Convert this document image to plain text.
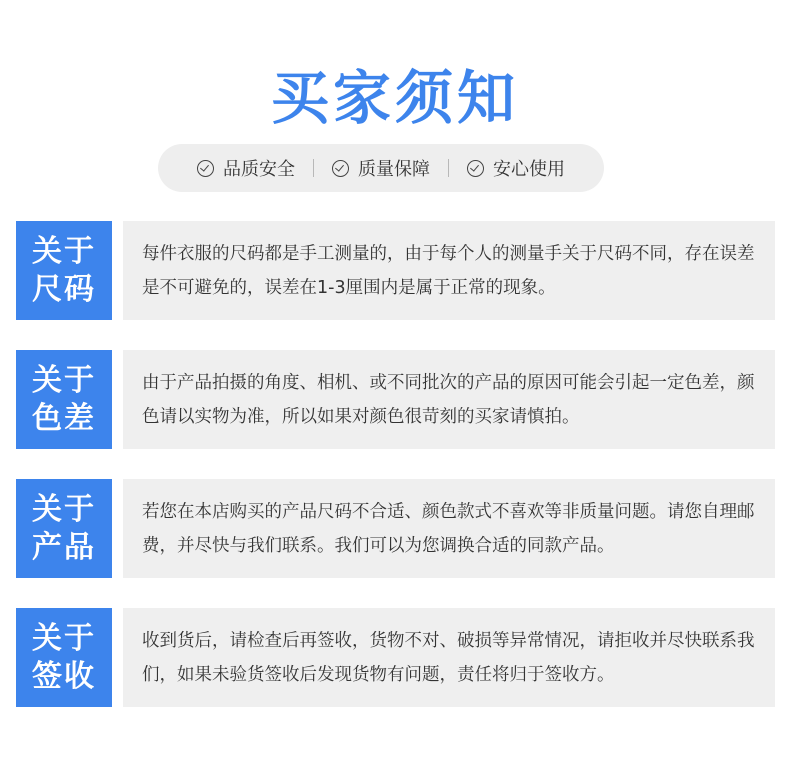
买家须知
品质安全	质量保障	安心使用
关于
尺码
每件衣服的尺码都是手工测量的，由于每个人的测量手关于尺码不同，存在误差是不可避免的，误差在1-3厘围内是属于正常的现象。
关于
色差
由于产品拍摄的角度、相机、或不同批次的产品的原因可能会引起一定色差，颜色请以实物为准，所以如果对颜色很苛刻的买家请慎拍。
关于
产品
若您在本店购买的产品尺码不合适、颜色款式不喜欢等非质量问题。请您自理邮费，并尽快与我们联系。我们可以为您调换合适的同款产品。
关于
签收
收到货后，请检查后再签收，货物不对、破损等异常情况，请拒收并尽快联系我们，如果未验货签收后发现货物有问题，责任将归于签收方。
